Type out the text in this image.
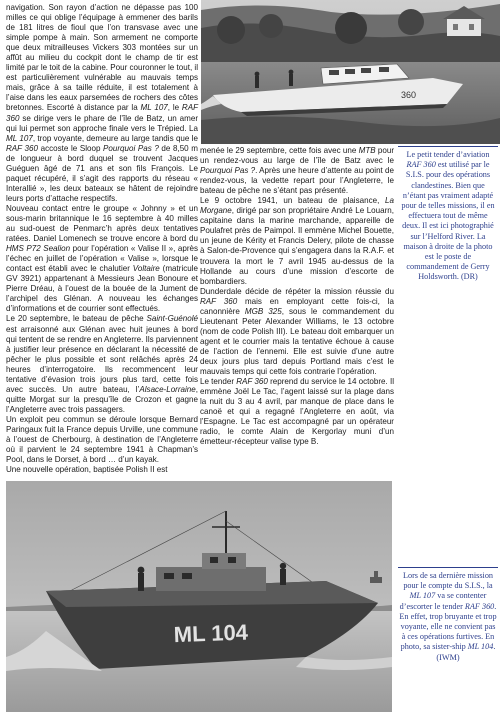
360

navigation. Son rayon d’action ne dépasse pas 100 milles ce qui oblige l’équipage à emmener des barils de 181 litres de fioul que l’on transvase avec une simple pompe à main. Son armement ne comporte que deux mitrailleuses Vickers 303 montées sur un affût au milieu du cockpit dont le champ de tir est limité par le toit de la cabine. Pour couronner le tout, il est particulièrement vulnérable au mauvais temps mais, grâce à sa taille réduite, il est totalement à l’aise dans les eaux parsemées de rochers des côtes bretonnes. Escorté à distance par la ML 107, le RAF 360 se dirige vers le phare de l’île de Batz, un amer qui lui permet son approche finale vers le Trépied. La ML 107, trop voyante, demeure au large tandis que le RAF 360 accoste le Sloop Pourquoi Pas ? de 8,50 m de longueur à bord duquel se trouvent Jacques Guéguen âgé de 71 ans et son fils François. Le paquet récupéré, il s’agit des rapports du réseau « Interallié », les deux bateaux se hâtent de rejoindre leurs ports d’attache respectifs.

Nouveau contact entre le groupe « Johnny » et un sous-marin britannique le 16 septembre à 40 milles au sud-ouest de Penmarc’h après deux tentatives ratées. Daniel Lomenech se trouve encore à bord du HMS P72 Sealion pour l’opération « Valise II », après l’échec en juillet de l’opération « Valise », lorsque le contact est établi avec le chalutier Voltaire (matricule GV 3921) appartenant à Messieurs Jean Bonoure et Pierre Dréau, à l’ouest de la bouée de la Jument de l’archipel des Glénan. A nouveau les échanges d’informations et de courrier sont effectués.

Le 20 septembre, le bateau de pêche Saint-Guénolé est arraisonné aux Glénan avec huit jeunes à bord qui tentent de se rendre en Angleterre. Ils parviennent à justifier leur présence en déclarant la nécessité de pêcher le plus possible et sont relâchés après 24 heures d’interrogatoire. Ils recommencent leur tentative d’évasion trois jours plus tard, cette fois avec succès. Un autre bateau, l’Alsace-Lorraine, quitte Morgat sur la presqu’île de Crozon et gagne l’Angleterre avec trois passagers.

Un exploit peu commun se déroule lorsque Bernard Paringaux fuit la France depuis Urville, une commune à l’ouest de Cherbourg, à destination de l’Angleterre où il parvient le 24 septembre 1941 à Chapman’s Pool, dans le Dorset, à bord … d’un kayak.

Une nouvelle opération, baptisée Polish II est

menée le 29 septembre, cette fois avec une MTB pour un rendez-vous au large de l’île de Batz avec le Pourquoi Pas ?. Après une heure d’attente au point de rendez-vous, la vedette repart pour l’Angleterre, le bateau de pêche ne s’étant pas présenté.

Le 9 octobre 1941, un bateau de plaisance, La Morgane, dirigé par son propriétaire André Le Louarn, capitaine dans la marine marchande, appareille de Poulafret près de Paimpol. Il emmène Michel Bouette, un jeune de Kérity et Francis Delery, pilote de chasse à Salon-de-Provence qui s’engagera dans la R.A.F. et trouvera la mort le 7 avril 1945 au-dessus de la Hollande au cours d’une mission d’escorte de bombardiers.

Dunderdale décide de répéter la mission réussie du RAF 360 mais en employant cette fois-ci, la canonnière MGB 325, sous le commandement du Lieutenant Peter Alexander Williams, le 13 octobre (nom de code Polish III). Le bateau doit embarquer un agent et le courrier mais la tentative échoue à cause de l’action de l’ennemi. Elle est suivie d’une autre deux jours plus tard depuis Portland mais c’est le mauvais temps qui cette fois contrarie l’opération.

Le tender RAF 360 reprend du service le 14 octobre. Il emmène Joël Le Tac, l’agent laissé sur la plage dans la nuit du 3 au 4 avril, par manque de place dans le canoë et qui a regagné l’Angleterre en août, via l’Espagne. Le Tac est accompagné par un opérateur radio, le comte Alain de Kergorlay muni d’un émetteur-récepteur valise type B.

Le petit tender d’aviation RAF 360 est utilisé par le S.I.S. pour des opérations clandestines. Bien que n’étant pas vraiment adapté pour de telles missions, il en effectuera tout de même deux. Il est ici photographié sur l’Helford River. La maison à droite de la photo est le poste de commandement de Gerry Holdsworth. (DR)
ML 104
Lors de sa dernière mission pour le compte du S.I.S., la ML 107 va se contenter d’escorter le tender RAF 360. En effet, trop bruyante et trop voyante, elle ne convient pas à ces opérations furtives. En photo, sa sister-ship ML 104. (IWM)
